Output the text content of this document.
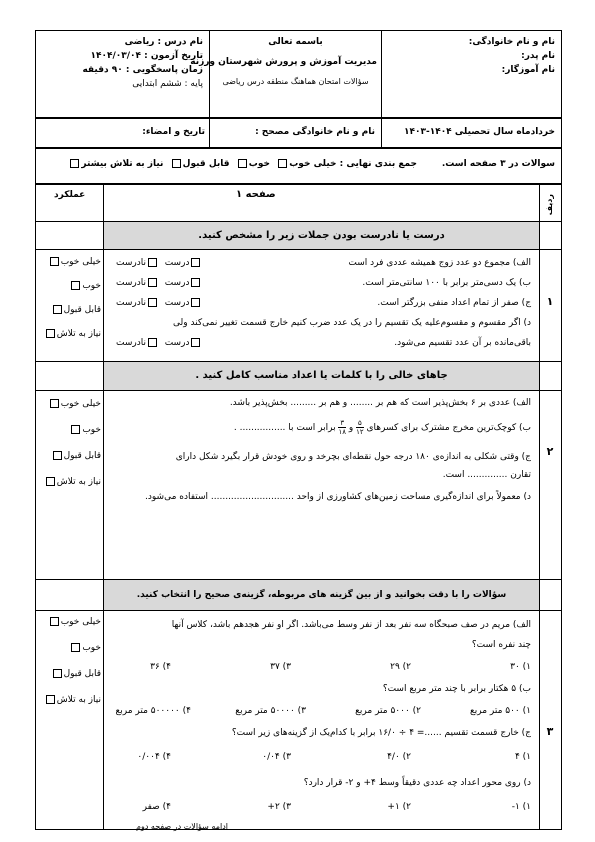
نام و نام خانوادگی:
نام پدر:
نام آموزگار:
باسمه تعالی
مدیریت آموزش و پرورش شهرستان ورزنه
سؤالات امتحان هماهنگ منطقه درس ریاضی
نام درس : ریاضی
تاریخ آزمون : ۱۴۰۴/۰۳/۰۴
زمان پاسخگویی : ۹۰ دقیقه
پایه : ششم ابتدایی
خردادماه سال تحصیلی ۱۴۰۴-۱۴۰۳
نام و نام خانوادگی مصحح :
تاریخ و امضاء:
سوالات در ۳ صفحه است.
جمع بندی نهایی : خیلی خوب  خوب  قابل قبول  نیاز به تلاش بیشتر
ردیف
صفحه ۱
عملکرد
درست یا نادرست بودن جملات زیر را مشخص کنید.
الف) مجموع دو عدد زوج همیشه عددی فرد است
ب) یک دسی‌متر برابر با ۱۰۰ سانتی‌متر است.
ج) صفر از تمام اعداد منفی بزرگتر است.
د) اگر مقسوم و مقسوم‌علیه یک تقسیم را در یک عدد ضرب کنیم خارج قسمت تغییر نمی‌کند ولی
باقی‌مانده بر آن عدد تقسیم می‌شود.
درست  نادرست
درست  نادرست
درست  نادرست
درست  نادرست
۱
خیلی خوب
خوب
قابل قبول
نیاز به تلاش
جاهای خالی را با کلمات یا اعداد مناسب کامل کنید .
الف) عددی بر ۶ بخش‌پذیر است که هم بر ........ و هم بر ......... بخش‌پذیر باشد.
ب) کوچک‌ترین مخرج مشترک برای کسرهای
$\frac{۵}{۱۲}$ و
$\frac{۳}{۱۸}$ برابر است با ................ .
ج) وقتی شکلی به اندازه‌ی ۱۸۰ درجه حول نقطه‌ای بچرخد و روی خودش قرار بگیرد شکل دارای
تقارن .............. است.
د) معمولاً برای اندازه‌گیری مساحت زمین‌های کشاورزی از واحد ............................. استفاده می‌شود.
۲
خیلی خوب
خوب
قابل قبول
نیاز به تلاش
سؤالات را با دقت بخوانید و از بین گزینه های مربوطه، گزینه‌ی صحیح را انتخاب کنید.
الف) مریم در صف صبحگاه سه نفر بعد از نفر وسط می‌باشد. اگر او نفر هجدهم باشد، کلاس آنها
چند نفره است؟
۱) ۳۰
۲) ۲۹
۳) ۳۷
۴) ۳۶
ب) ۵ هکتار برابر با چند متر مربع است؟
۱) ۵۰۰ متر مربع
۲) ۵۰۰۰ متر مربع
۳) ۵۰۰۰۰ متر مربع
۴) ۵۰۰۰۰۰ متر مربع
ج) خارج قسمت تقسیم ......= ۴ ÷ ۱۶/۰ برابر با کدام‌یک از گزینه‌های زیر است؟
۱) ۴
۲) ۴/۰
۳) ۰/۰۴
۴) ۰/۰۰۴
د) روی محور اعداد چه عددی دقیقاً وسط ۴+ و ۲- قرار دارد؟
۱) ۱-
۲) ۱+
۳) ۲+
۴) صفر
ادامه سؤالات در صفحه دوم
۳
خیلی خوب
خوب
قابل قبول
نیاز به تلاش
